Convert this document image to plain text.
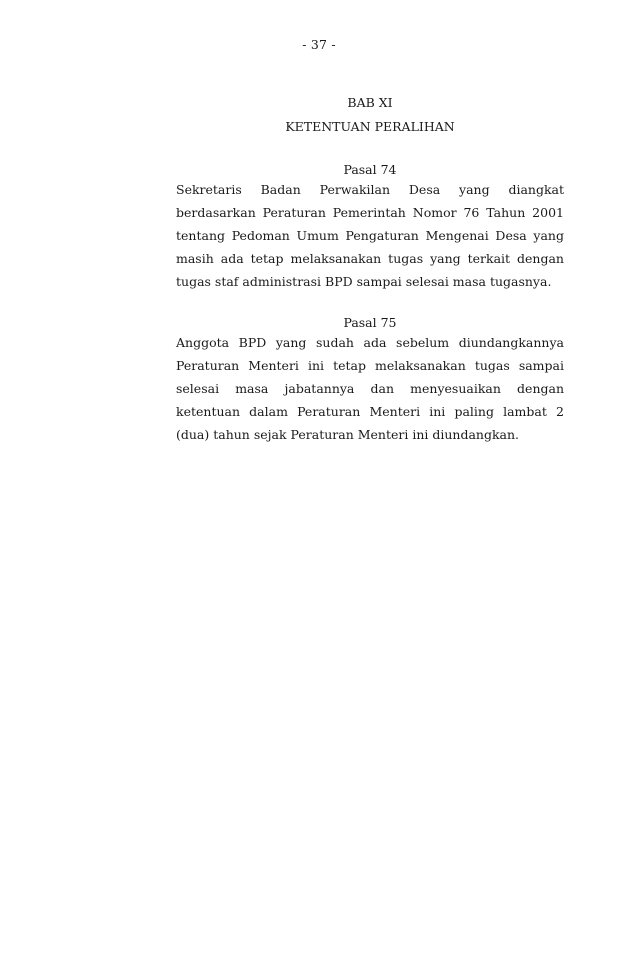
- 37 -
BAB XI
KETENTUAN PERALIHAN
Pasal 74

Sekretaris Badan Perwakilan Desa yang diangkat berdasarkan Peraturan Pemerintah Nomor 76 Tahun 2001 tentang Pedoman Umum Pengaturan Mengenai Desa yang masih ada tetap melaksanakan tugas yang terkait dengan tugas staf administrasi BPD sampai selesai masa tugasnya.

Pasal 75

Anggota BPD yang sudah ada sebelum diundangkannya Peraturan Menteri ini tetap melaksanakan tugas sampai selesai masa jabatannya dan menyesuaikan dengan ketentuan dalam Peraturan Menteri ini paling lambat 2 (dua) tahun sejak Peraturan Menteri ini diundangkan.
